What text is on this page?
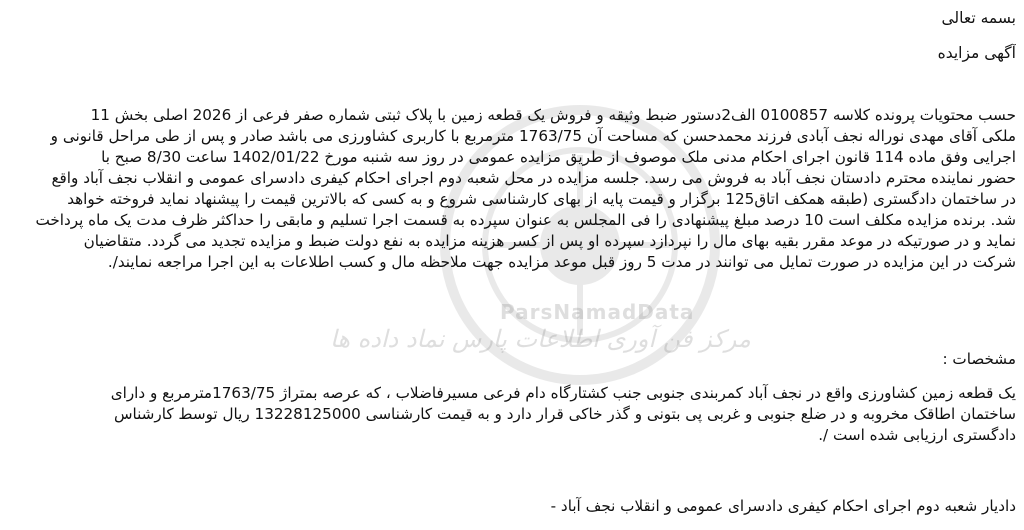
ParsNamadData
مرکز فن آوری اطلاعات پارس نماد داده ها
بسمه تعالی
آگهی مزایده
حسب محتویات پرونده کلاسه 0100857 الف2دستور ضبط وثیقه و فروش یک قطعه زمین با پلاک ثبتی شماره صفر فرعی از 2026 اصلی بخش 11
ملکی آقای مهدی نوراله نجف آبادی فرزند محمدحسن که مساحت آن 1763/75 مترمربع با کاربری کشاورزی می باشد صادر و پس از طی مراحل قانونی و
اجرایی وفق ماده 114 قانون اجرای احکام مدنی ملک موصوف از طریق مزایده عمومی در روز سه شنبه مورخ 1402/01/22 ساعت 8/30 صبح با
حضور نماینده محترم دادستان نجف آباد به فروش می رسد. جلسه مزایده در محل شعبه دوم اجرای احکام کیفری دادسرای عمومی و انقلاب نجف آباد واقع
در ساختمان دادگستری (طبقه همکف اتاق125 برگزار و قیمت پایه از بهای کارشناسی شروع و به کسی که بالاترین قیمت را پیشنهاد نماید فروخته خواهد
شد. برنده مزایده مکلف است 10 درصد مبلغ پیشنهادی را فی المجلس به عنوان سپرده به قسمت اجرا تسلیم و مابقی را حداکثر ظرف مدت یک ماه پرداخت
نماید و در صورتیکه در موعد مقرر بقیه بهای مال را نپردازد سپرده او پس از کسر هزینه مزایده به نفع دولت ضبط و مزایده تجدید می گردد. متقاضیان
شرکت در این مزایده در صورت تمایل می توانند در مدت 5 روز قبل موعد مزایده جهت ملاحظه مال و کسب اطلاعات به این اجرا مراجعه نمایند/.
مشخصات :
یک قطعه زمین کشاورزی واقع در نجف آباد کمربندی جنوبی جنب کشتارگاه دام فرعی مسیرفاضلاب ، که عرصه بمتراژ 1763/75مترمربع و دارای
ساختمان اطاقک مخروبه و در ضلع جنوبی و غربی پی بتونی و گذر خاکی قرار دارد و به قیمت کارشناسی 13228125000 ریال توسط کارشناس
دادگستری ارزیابی شده است /.
دادیار شعبه دوم اجرای احکام کیفری دادسرای عمومی و انقلاب نجف آباد -
